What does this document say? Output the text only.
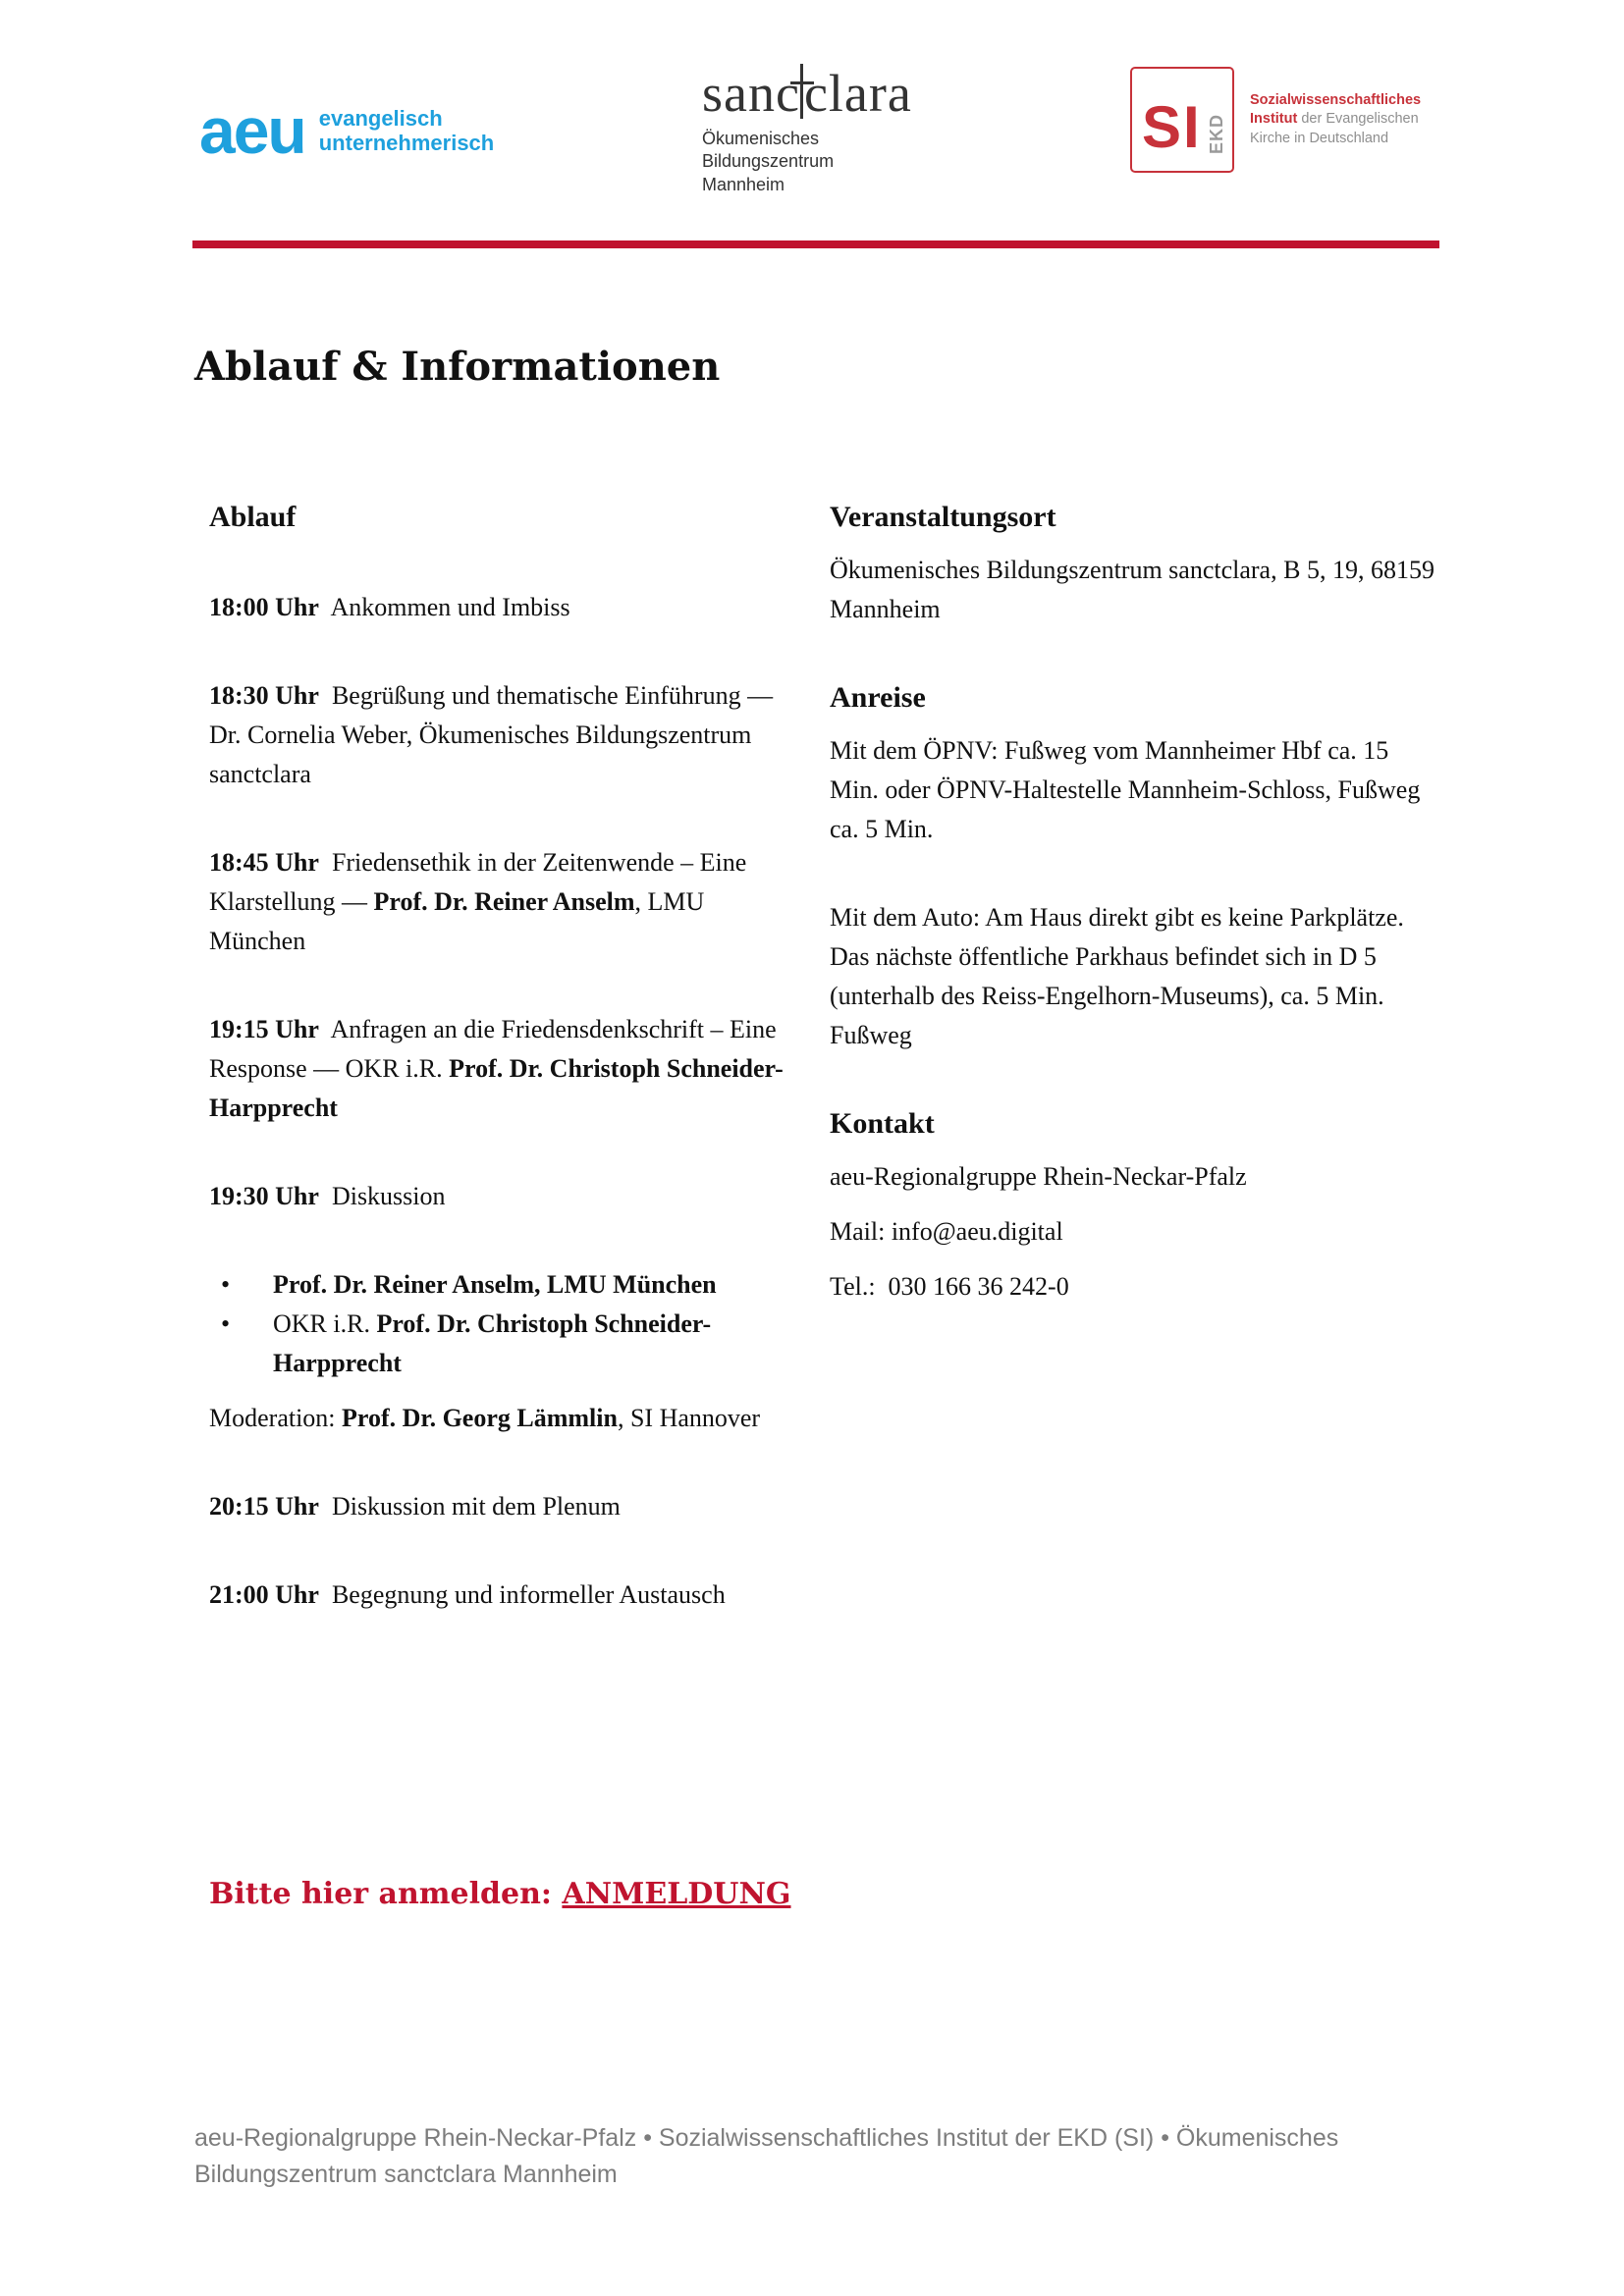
aeu evangelisch
unternehmerisch
sancclara
Ökumenisches
Bildungszentrum
Mannheim
SI EKD
Sozialwissenschaftliches
Institut der Evangelischen
Kirche in Deutschland
Ablauf & Informationen
Ablauf

18:00 Uhr Ankommen und Imbiss

18:30 Uhr Begrüßung und thematische Einführung — Dr. Cornelia Weber, Ökumenisches Bildungszentrum sanctclara

18:45 Uhr Friedensethik in der Zeitenwende – Eine Klarstellung — Prof. Dr. Reiner Anselm, LMU München

19:15 Uhr Anfragen an die Friedensdenkschrift – Eine Response — OKR i.R. Prof. Dr. Christoph Schneider-Harpprecht

19:30 Uhr Diskussion

• Prof. Dr. Reiner Anselm, LMU München
• OKR i.R. Prof. Dr. Christoph Schneider-Harpprecht

Moderation: Prof. Dr. Georg Lämmlin, SI Hannover

20:15 Uhr Diskussion mit dem Plenum

21:00 Uhr Begegnung und informeller Austausch

Veranstaltungsort

Ökumenisches Bildungszentrum sanctclara, B 5, 19, 68159 Mannheim

Anreise

Mit dem ÖPNV: Fußweg vom Mannheimer Hbf ca. 15 Min. oder ÖPNV-Haltestelle Mannheim-Schloss, Fußweg ca. 5 Min.

Mit dem Auto: Am Haus direkt gibt es keine Parkplätze. Das nächste öffentliche Parkhaus befindet sich in D 5 (unterhalb des Reiss-Engelhorn-Museums), ca. 5 Min. Fußweg

Kontakt

aeu-Regionalgruppe Rhein-Neckar-Pfalz

Mail: info@aeu.digital

Tel.:  030 166 36 242-0

Bitte hier anmelden: ANMELDUNG
aeu-Regionalgruppe Rhein-Neckar-Pfalz • Sozialwissenschaftliches Institut der EKD (SI) • Ökumenisches Bildungszentrum sanctclara Mannheim
